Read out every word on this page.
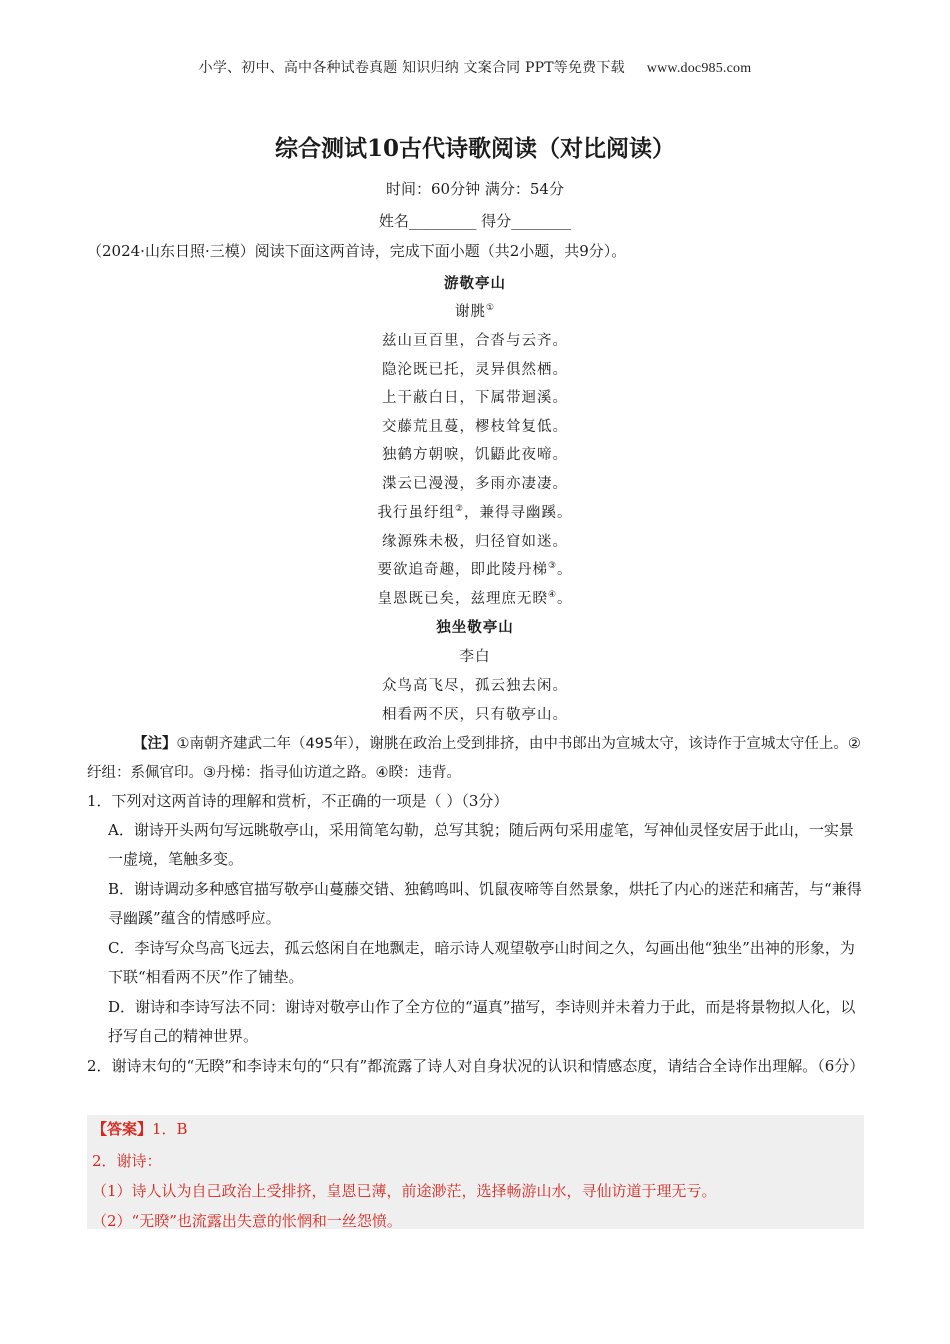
小学、初中、高中各种试卷真题 知识归纳 文案合同 PPT等免费下载 www.doc985.com
综合测试10古代诗歌阅读（对比阅读）
时间：60分钟 满分：54分
姓名_________ 得分________
（2024·山东日照·三模）阅读下面这两首诗，完成下面小题（共2小题，共9分）。
游敬亭山
谢朓①
兹山亘百里，合沓与云齐。
隐沦既已托，灵异俱然栖。
上干蔽白日，下属带迴溪。
交藤荒且蔓，樛枝耸复低。
独鹤方朝唳，饥鼯此夜啼。
渫云已漫漫，多雨亦凄凄。
我行虽纡组②，兼得寻幽蹊。
缘源殊未极，归径窅如迷。
要欲追奇趣，即此陵丹梯③。
皇恩既已矣，兹理庶无睽④。
独坐敬亭山
李白
众鸟高飞尽，孤云独去闲。
相看两不厌，只有敬亭山。
【注】①南朝齐建武二年（495年），谢朓在政治上受到排挤，由中书郎出为宣城太守，该诗作于宣城太守任上。②纡组：系佩官印。③丹梯：指寻仙访道之路。④睽：违背。
1．下列对这两首诗的理解和赏析，不正确的一项是（ ）（3分）
A．谢诗开头两句写远眺敬亭山，采用简笔勾勒，总写其貌；随后两句采用虚笔，写神仙灵怪安居于此山，一实景一虚境，笔触多变。
B．谢诗调动多种感官描写敬亭山蔓藤交错、独鹤鸣叫、饥鼠夜啼等自然景象，烘托了内心的迷茫和痛苦，与“兼得寻幽蹊”蕴含的情感呼应。
C．李诗写众鸟高飞远去，孤云悠闲自在地飘走，暗示诗人观望敬亭山时间之久，勾画出他“独坐”出神的形象，为下联“相看两不厌”作了铺垫。
D．谢诗和李诗写法不同：谢诗对敬亭山作了全方位的“逼真”描写，李诗则并未着力于此，而是将景物拟人化，以抒写自己的精神世界。
2．谢诗末句的“无睽”和李诗末句的“只有”都流露了诗人对自身状况的认识和情感态度，请结合全诗作出理解。（6分）
【答案】1．B
2．谢诗：
（1）诗人认为自己政治上受排挤，皇恩已薄，前途渺茫，选择畅游山水，寻仙访道于理无亏。
（2）“无睽”也流露出失意的怅惘和一丝怨愤。
